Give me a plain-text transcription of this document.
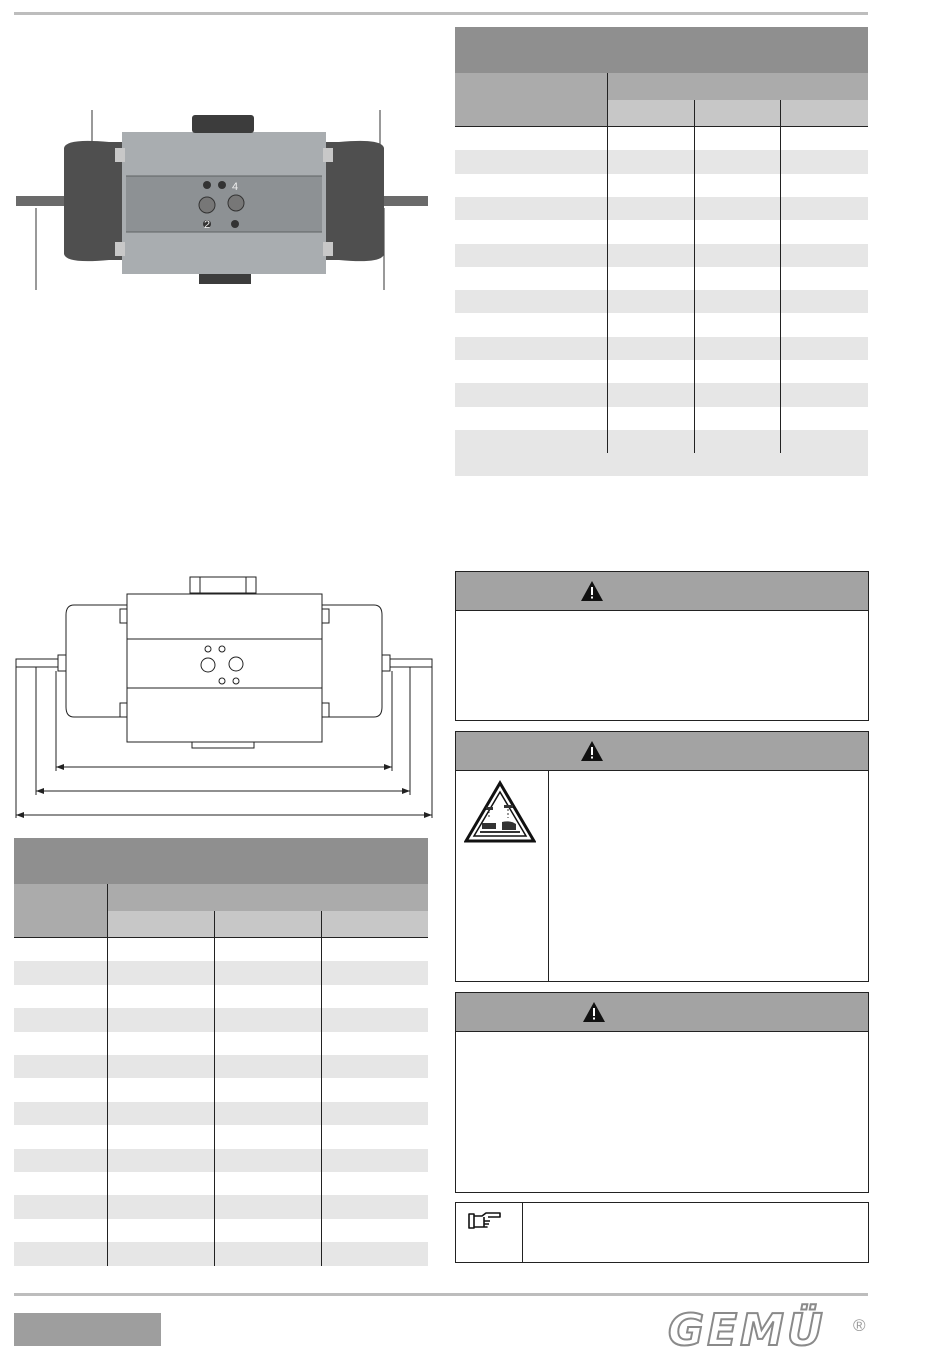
4
2
GEMÜ ®
